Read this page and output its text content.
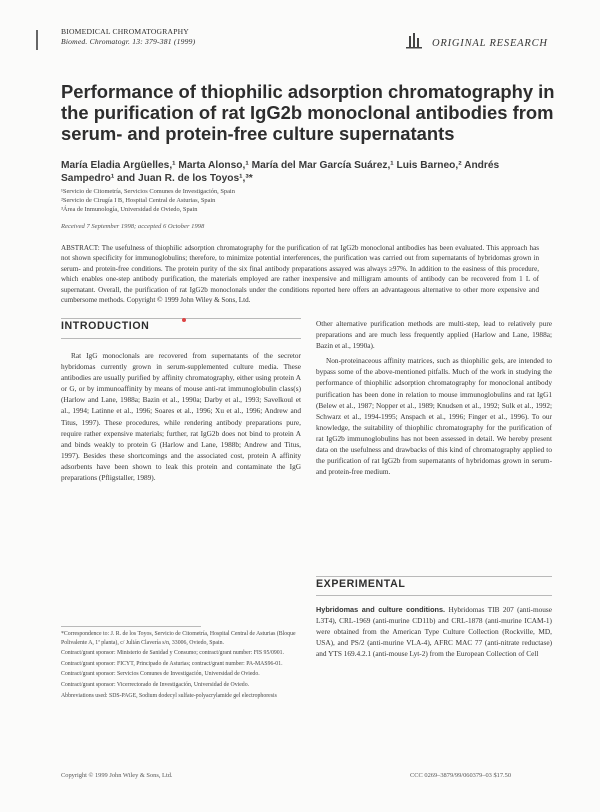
BIOMEDICAL CHROMATOGRAPHY
Biomed. Chromatogr. 13: 379-381 (1999)	ORIGINAL RESEARCH
Performance of thiophilic adsorption chromatography in the purification of rat IgG2b monoclonal antibodies from serum- and protein-free culture supernatants
María Eladia Argüelles,¹ Marta Alonso,¹ María del Mar García Suárez,¹ Luis Barneo,² Andrés Sampedro¹ and Juan R. de los Toyos¹,³*
¹Servicio de Citometría, Servicios Comunes de Investigación, Spain
²Servicio de Cirugía I B, Hospital Central de Asturias, Spain
³Área de Inmunología, Universidad de Oviedo, Spain
Received 7 September 1998; accepted 6 October 1998
ABSTRACT: The usefulness of thiophilic adsorption chromatography for the purification of rat IgG2b monoclonal antibodies has been evaluated. This approach has not shown specificity for immunoglobulins; therefore, to minimize potential interferences, the purification was carried out from supernatants of hybridomas grown in serum- and protein-free conditions. The protein purity of the six final antibody preparations assayed was always ≥97%. In addition to the easiness of this procedure, which enables one-step antibody purification, the materials employed are rather inexpensive and milligram amounts of antibody can be recovered from 1 L of supernatant. Overall, the purification of rat IgG2b monoclonals under the conditions reported here offers an advantageous alternative to other more expensive and cumbersome methods. Copyright © 1999 John Wiley & Sons, Ltd.
INTRODUCTION

Rat IgG monoclonals are recovered from supernatants of the secretor hybridomas currently grown in serum-supplemented culture media. These antibodies are usually purified by affinity chromatography, either using protein A or G, or by immunoaffinity by means of mouse anti-rat immunoglobulin class(s) (Harlow and Lane, 1988a; Bazin et al., 1990a; Darby et al., 1993; Savelkoul et al., 1994; Latinne et al., 1996; Soares et al., 1996; Xu et al., 1996; Andrew and Titus, 1997). These procedures, while rendering antibody preparations pure, require rather expensive materials; further, rat IgG2b does not bind to protein A and binds weakly to protein G (Harlow and Lane, 1988b; Andrew and Titus, 1997). Besides these shortcomings and the associated cost, protein A affinity adsorbents have been shown to leak this protein and contaminate the IgG preparations (Pfligstaller, 1989).

*Correspondence to: J. R. de los Toyos, Servicio de Citometría, Hospital Central de Asturias (Bloque Polivalente A, 1ª planta), c/ Julián Clavería s/n, 33006, Oviedo, Spain.

Contract/grant sponsor: Ministerio de Sanidad y Consumo; contract/grant number: FIS 95/0901.

Contract/grant sponsor: FICYT, Principado de Asturias; contract/grant number: PA-MAS96-01.

Contract/grant sponsor: Servicios Comunes de Investigación, Universidad de Oviedo.

Contract/grant sponsor: Vicerrectorado de Investigación, Universidad de Oviedo.

Abbreviations used: SDS-PAGE, Sodium dodecyl sulfate-polyacrylamide gel electrophoresis

Other alternative purification methods are multi-step, lead to relatively pure preparations and are much less frequently applied (Harlow and Lane, 1988a; Bazin et al., 1990a).

Non-proteinaceous affinity matrices, such as thiophilic gels, are intended to bypass some of the above-mentioned pitfalls. Much of the work in studying the performance of thiophilic adsorption chromatography for monoclonal antibody purification has been done in relation to mouse immunoglobulins and rat IgG1 (Belew et al., 1987; Nopper et al., 1989; Knudsen et al., 1992; Sulk et al., 1992; Schwarz et al., 1994-1995; Anspach et al., 1996; Finger et al., 1996). To our knowledge, the suitability of thiophilic chromatography for the purification of rat IgG2b immunoglobulins has not been assessed in detail. We hereby present data on the usefulness and drawbacks of this kind of chromatography applied to the purification of rat IgG2b from supernatants of hybridomas grown in serum- and protein-free medium.

EXPERIMENTAL

Hybridomas and culture conditions. Hybridomas TIB 207 (anti-mouse L3T4), CRL-1969 (anti-murine CD11b) and CRL-1878 (anti-murine ICAM-1) were obtained from the American Type Culture Collection (Rockville, MD, USA), and PS/2 (anti-murine VLA-4), AFRC MAC 77 (anti-nitrate reductase) and YTS 169.4.2.1 (anti-mouse Lyt-2) from the European Collection of Cell

Copyright © 1999 John Wiley & Sons, Ltd.	CCC 0269–3879/99/060379–03 $17.50
